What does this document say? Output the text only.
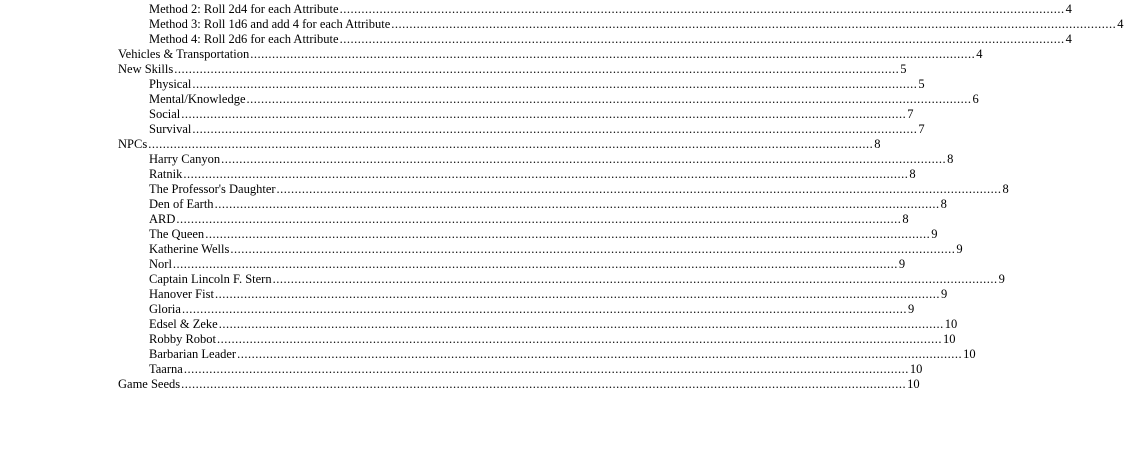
Method 2: Roll 2d4 for each Attribute ........................................................................................................................................................................................................ 4
Method 3: Roll 1d6 and add 4 for each Attribute ........................................................................................................................................................................................................ 4
Method 4: Roll 2d6 for each Attribute ........................................................................................................................................................................................................ 4
Vehicles & Transportation ........................................................................................................................................................................................................ 4
New Skills ........................................................................................................................................................................................................ 5
Physical ........................................................................................................................................................................................................ 5
Mental/Knowledge ........................................................................................................................................................................................................ 6
Social ........................................................................................................................................................................................................ 7
Survival ........................................................................................................................................................................................................ 7
NPCs ........................................................................................................................................................................................................ 8
Harry Canyon ........................................................................................................................................................................................................ 8
Ratnik ........................................................................................................................................................................................................ 8
The Professor's Daughter ........................................................................................................................................................................................................ 8
Den of Earth ........................................................................................................................................................................................................ 8
ARD ........................................................................................................................................................................................................ 8
The Queen ........................................................................................................................................................................................................ 9
Katherine Wells ........................................................................................................................................................................................................ 9
Norl ........................................................................................................................................................................................................ 9
Captain Lincoln F. Stern ........................................................................................................................................................................................................ 9
Hanover Fist ........................................................................................................................................................................................................ 9
Gloria ........................................................................................................................................................................................................ 9
Edsel & Zeke ........................................................................................................................................................................................................ 10
Robby Robot ........................................................................................................................................................................................................ 10
Barbarian Leader ........................................................................................................................................................................................................ 10
Taarna ........................................................................................................................................................................................................ 10
Game Seeds ........................................................................................................................................................................................................ 10
